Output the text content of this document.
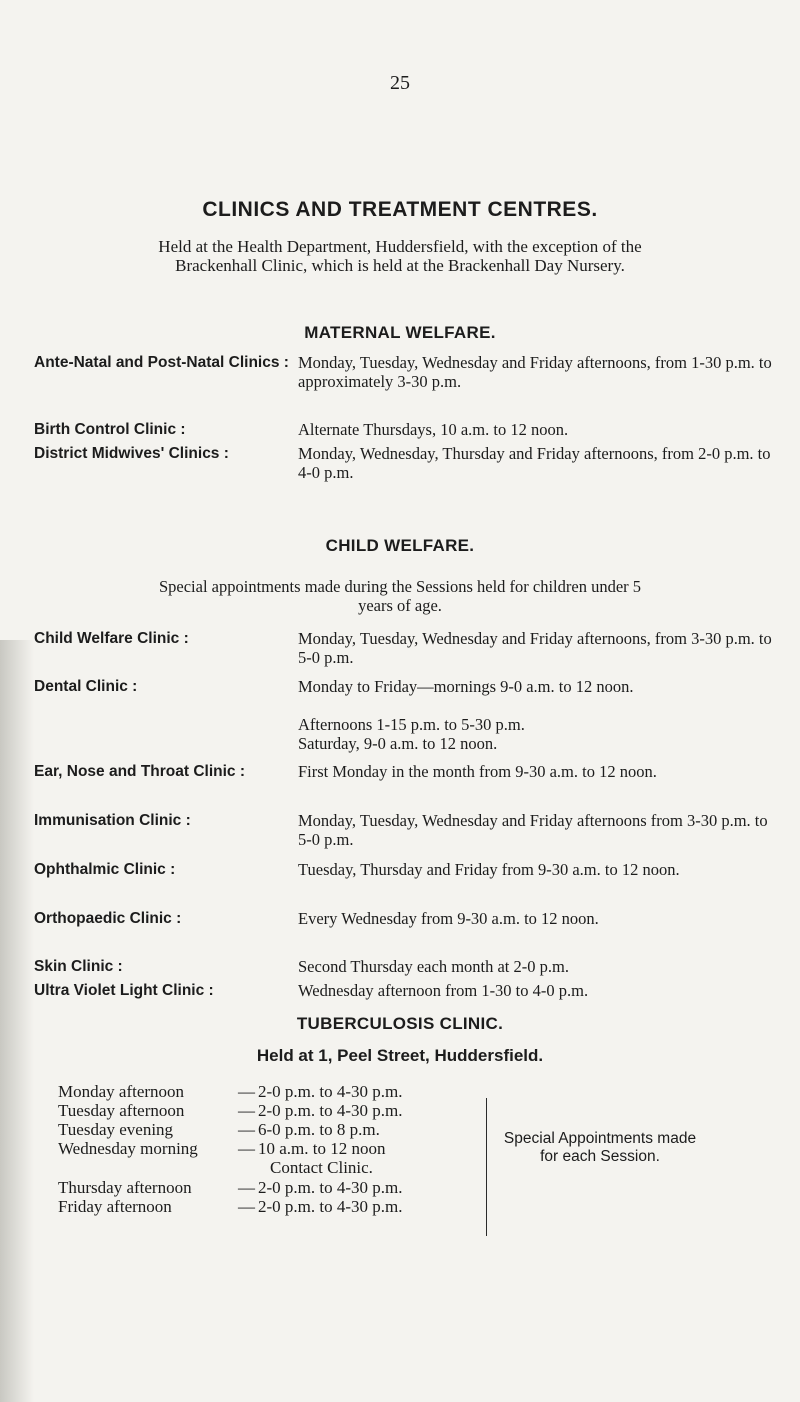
25
CLINICS AND TREATMENT CENTRES.
Held at the Health Department, Huddersfield, with the exception of the Brackenhall Clinic, which is held at the Brackenhall Day Nursery.
MATERNAL WELFARE.
Ante-Natal and Post-Natal Clinics : Monday, Tuesday, Wednesday and Friday afternoons, from 1-30 p.m. to approximately 3-30 p.m.
Birth Control Clinic :	Alternate Thursdays, 10 a.m. to 12 noon.
District Midwives' Clinics :	Monday, Wednesday, Thursday and Friday afternoons, from 2-0 p.m. to 4-0 p.m.
CHILD WELFARE.
Special appointments made during the Sessions held for children under 5 years of age.
Child Welfare Clinic :	Monday, Tuesday, Wednesday and Friday afternoons, from 3-30 p.m. to 5-0 p.m.
Dental Clinic :	Monday to Friday—mornings 9-0 a.m. to 12 noon.
Afternoons 1-15 p.m. to 5-30 p.m.
Saturday, 9-0 a.m. to 12 noon.
Ear, Nose and Throat Clinic :	First Monday in the month from 9-30 a.m. to 12 noon.
Immunisation Clinic :	Monday, Tuesday, Wednesday and Friday afternoons from 3-30 p.m. to 5-0 p.m.
Ophthalmic Clinic :	Tuesday, Thursday and Friday from 9-30 a.m. to 12 noon.
Orthopaedic Clinic :	Every Wednesday from 9-30 a.m. to 12 noon.
Skin Clinic :	Second Thursday each month at 2-0 p.m.
Ultra Violet Light Clinic :	Wednesday afternoon from 1-30 to 4-0 p.m.
TUBERCULOSIS CLINIC.
Held at 1, Peel Street, Huddersfield.
Monday afternoon	— 2-0 p.m. to 4-30 p.m.
Tuesday afternoon	— 2-0 p.m. to 4-30 p.m.
Tuesday evening	— 6-0 p.m. to 8 p.m.
Wednesday morning — 10 a.m. to 12 noon
Contact Clinic.
Thursday afternoon	— 2-0 p.m. to 4-30 p.m.
Friday afternoon	— 2-0 p.m. to 4-30 p.m.
Special Appointments made for each Session.
